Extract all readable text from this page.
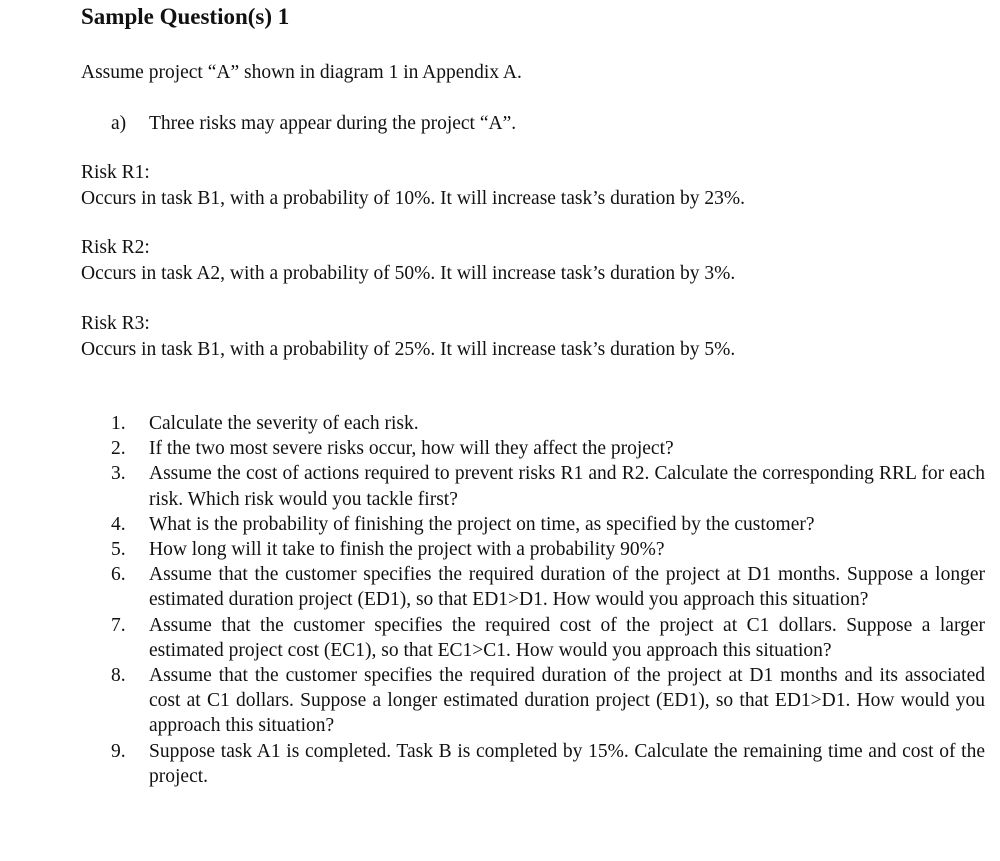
Sample Question(s) 1

Assume project “A” shown in diagram 1 in Appendix A.

a) Three risks may appear during the project “A”.

Risk R1:

Occurs in task B1, with a probability of 10%. It will increase task’s duration by 23%.

Risk R2:

Occurs in task A2, with a probability of 50%. It will increase task’s duration by 3%.

Risk R3:

Occurs in task B1, with a probability of 25%. It will increase task’s duration by 5%.

1.	Calculate the severity of each risk.
2.	If the two most severe risks occur, how will they affect the project?
3.	Assume the cost of actions required to prevent risks R1 and R2. Calculate the corresponding RRL for each risk. Which risk would you tackle first?
4.	What is the probability of finishing the project on time, as specified by the customer?
5.	How long will it take to finish the project with a probability 90%?
6.	Assume that the customer specifies the required duration of the project at D1 months. Suppose a longer estimated duration project (ED1), so that ED1>D1. How would you approach this situation?
7.	Assume that the customer specifies the required cost of the project at C1 dollars. Suppose a larger estimated project cost (EC1), so that EC1>C1. How would you approach this situation?
8.	Assume that the customer specifies the required duration of the project at D1 months and its associated cost at C1 dollars. Suppose a longer estimated duration project (ED1), so that ED1>D1. How would you approach this situation?
9.	Suppose task A1 is completed. Task B is completed by 15%. Calculate the remaining time and cost of the project.
